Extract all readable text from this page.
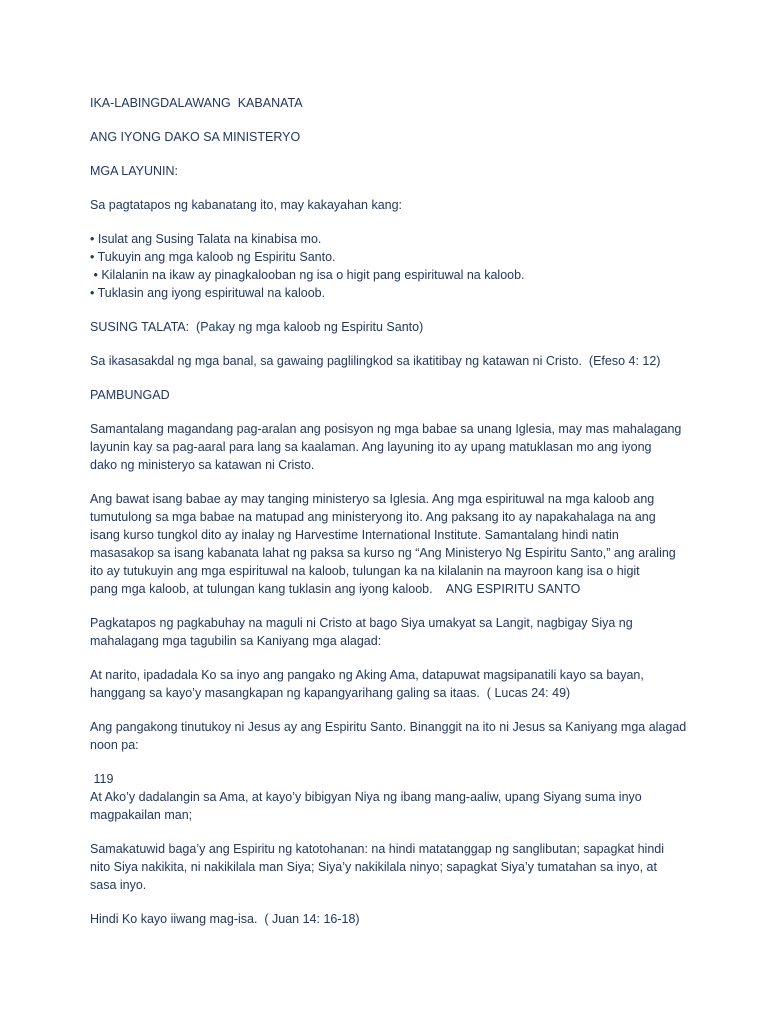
IKA-LABINGDALAWANG  KABANATA
ANG IYONG DAKO SA MINISTERYO
MGA LAYUNIN:
Sa pagtatapos ng kabanatang ito, may kakayahan kang:
• Isulat ang Susing Talata na kinabisa mo.
• Tukuyin ang mga kaloob ng Espiritu Santo.
• Kilalanin na ikaw ay pinagkalooban ng isa o higit pang espirituwal na kaloob.
• Tuklasin ang iyong espirituwal na kaloob.
SUSING TALATA:  (Pakay ng mga kaloob ng Espiritu Santo)
Sa ikasasakdal ng mga banal, sa gawaing paglilingkod sa ikatitibay ng katawan ni Cristo.  (Efeso 4: 12)
PAMBUNGAD
Samantalang magandang pag-aralan ang posisyon ng mga babae sa unang Iglesia, may mas mahalagang
layunin kay sa pag-aaral para lang sa kaalaman. Ang layuning ito ay upang matuklasan mo ang iyong
dako ng ministeryo sa katawan ni Cristo.
Ang bawat isang babae ay may tanging ministeryo sa Iglesia. Ang mga espirituwal na mga kaloob ang
tumutulong sa mga babae na matupad ang ministeryong ito. Ang paksang ito ay napakahalaga na ang
isang kurso tungkol dito ay inalay ng Harvestime International Institute. Samantalang hindi natin
masasakop sa isang kabanata lahat ng paksa sa kurso ng “Ang Ministeryo Ng Espiritu Santo,” ang araling
ito ay tutukuyin ang mga espirituwal na kaloob, tulungan ka na kilalanin na mayroon kang isa o higit
pang mga kaloob, at tulungan kang tuklasin ang iyong kaloob.    ANG ESPIRITU SANTO
Pagkatapos ng pagkabuhay na maguli ni Cristo at bago Siya umakyat sa Langit, nagbigay Siya ng
mahalagang mga tagubilin sa Kaniyang mga alagad:
At narito, ipadadala Ko sa inyo ang pangako ng Aking Ama, datapuwat magsipanatili kayo sa bayan,
hanggang sa kayo’y masangkapan ng kapangyarihang galing sa itaas.  ( Lucas 24: 49)
Ang pangakong tinutukoy ni Jesus ay ang Espiritu Santo. Binanggit na ito ni Jesus sa Kaniyang mga alagad
noon pa:
119
At Ako’y dadalangin sa Ama, at kayo’y bibigyan Niya ng ibang mang-aaliw, upang Siyang suma inyo
magpakailan man;
Samakatuwid baga’y ang Espiritu ng katotohanan: na hindi matatanggap ng sanglibutan; sapagkat hindi
nito Siya nakikita, ni nakikilala man Siya; Siya’y nakikilala ninyo; sapagkat Siya’y tumatahan sa inyo, at
sasa inyo.
Hindi Ko kayo iiwang mag-isa.  ( Juan 14: 16-18)
